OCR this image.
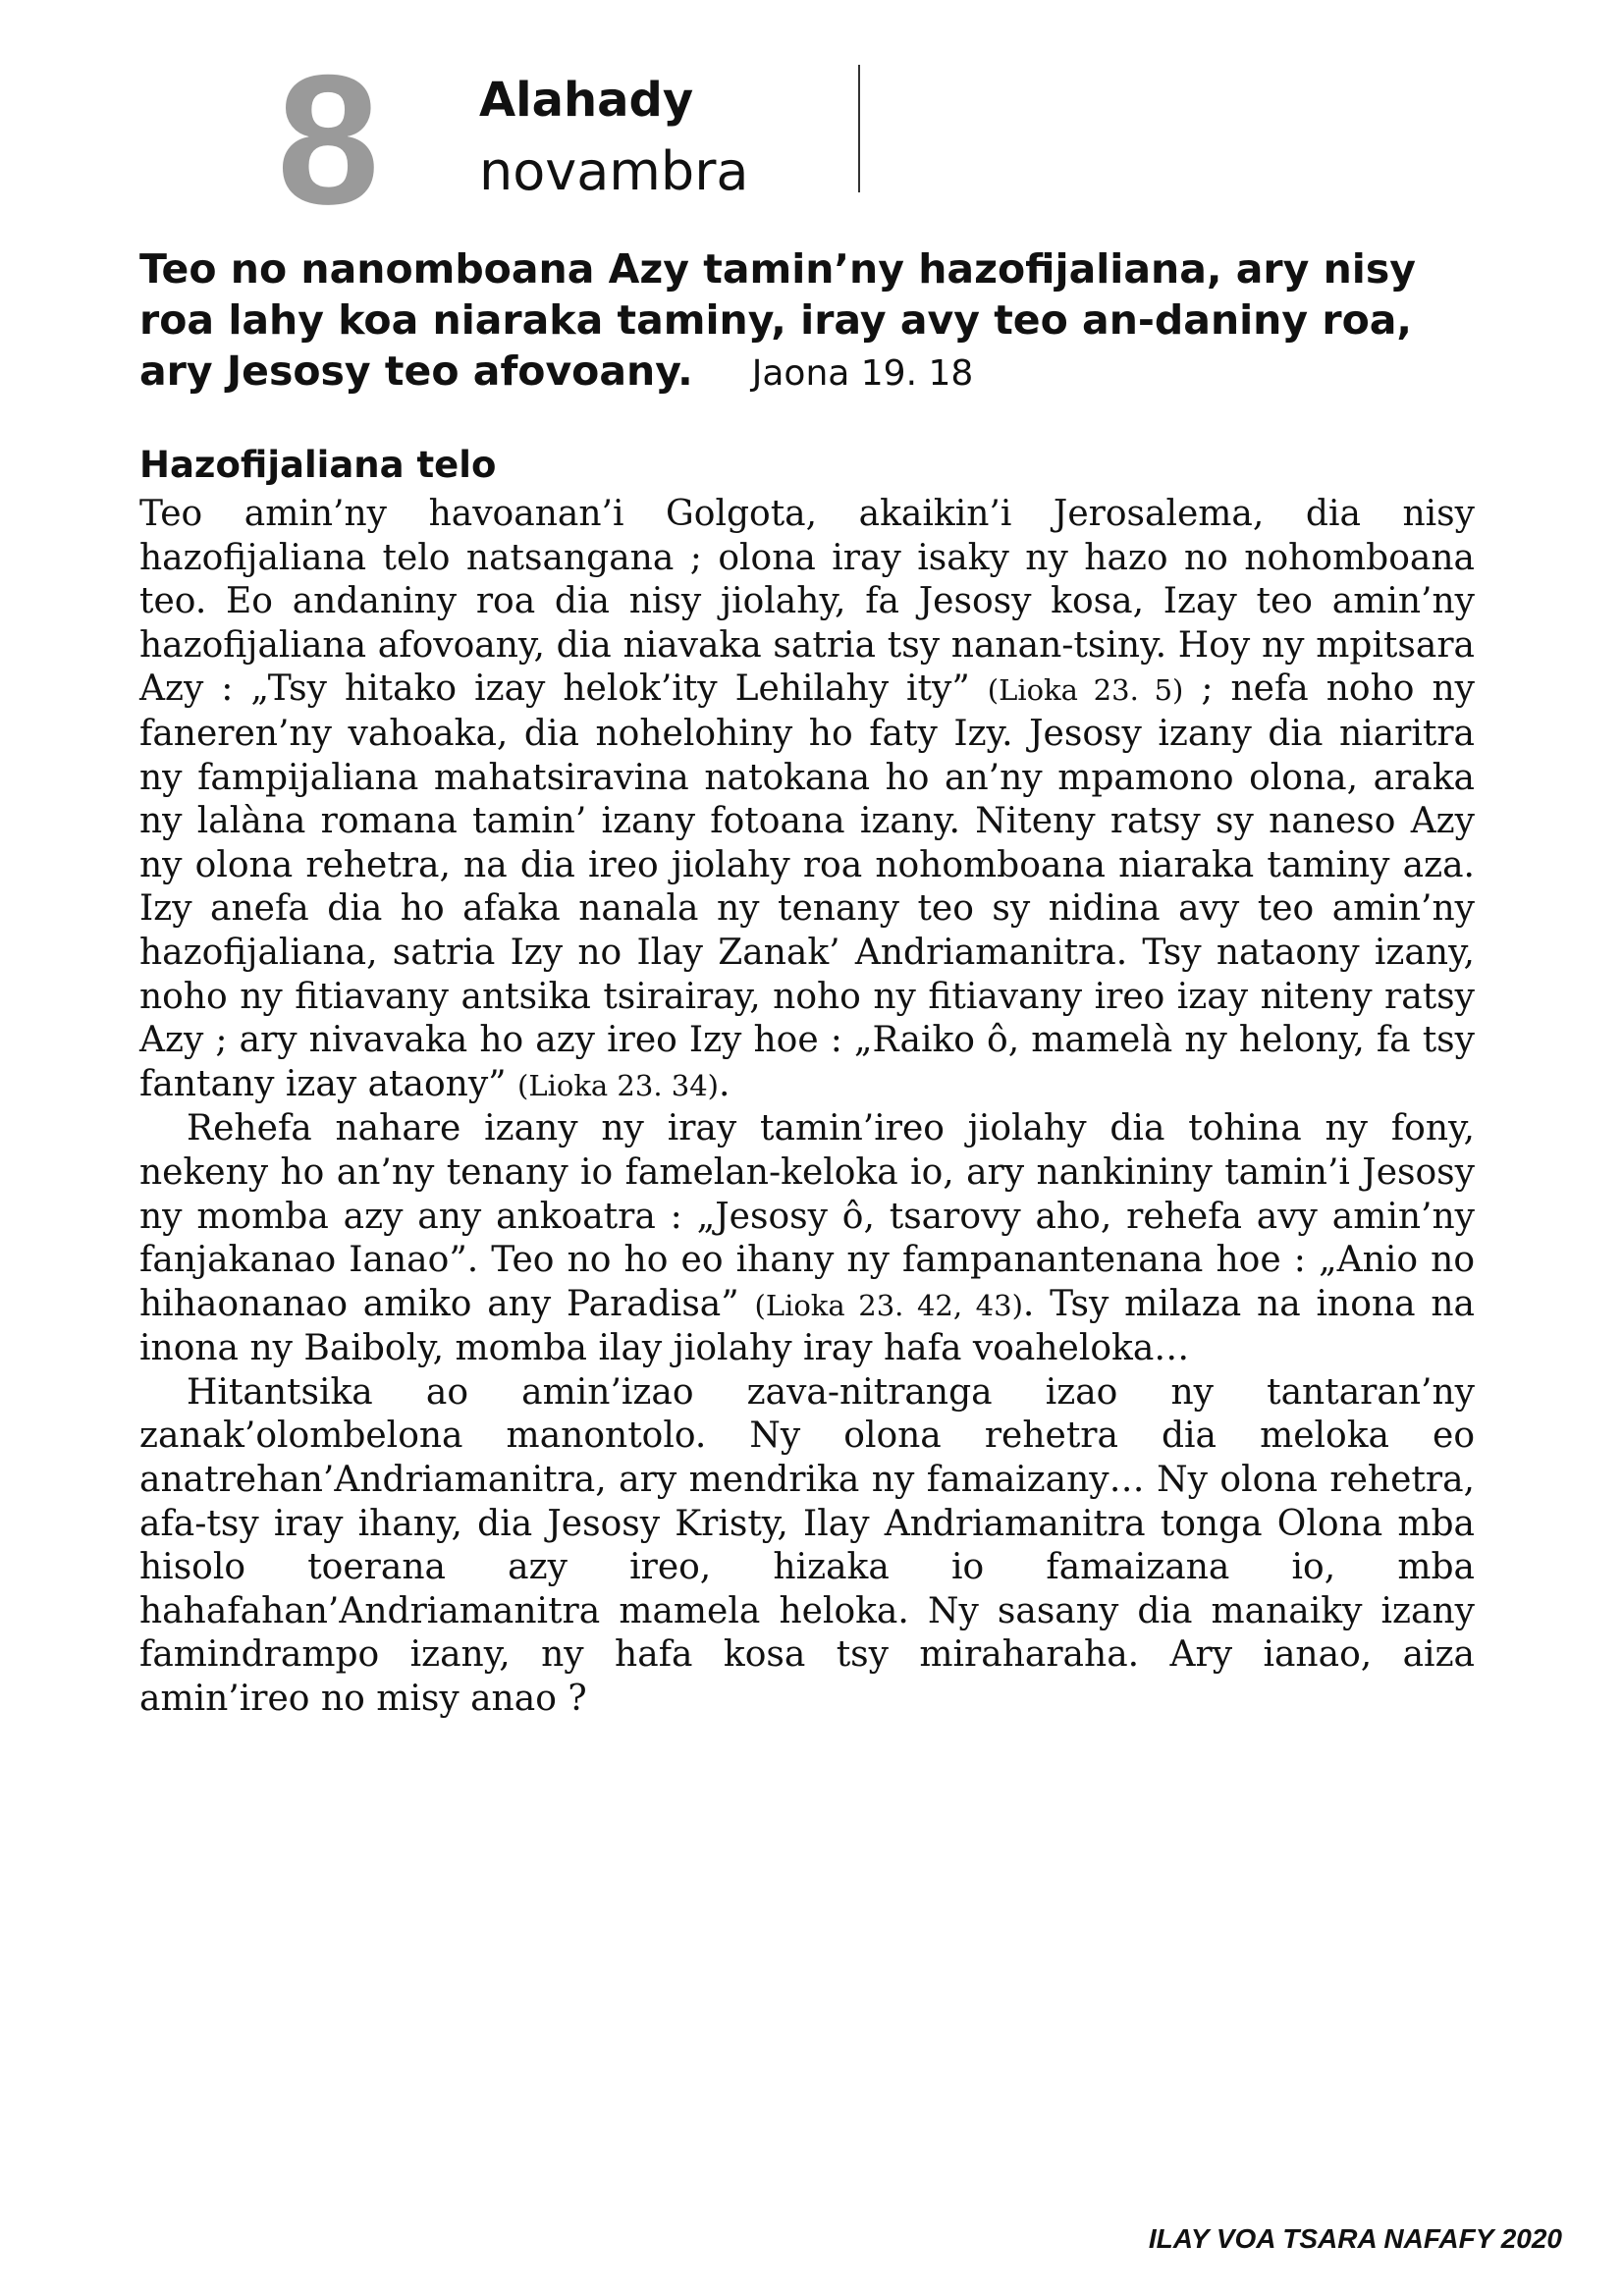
8 Alahady
novambra
Teo no nanomboana Azy tamin’ny hazofijaliana, ary nisy roa lahy koa niaraka taminy, iray avy teo an-daniny roa, ary Jesosy teo afovoany. Jaona 19. 18
Hazofijaliana telo

Teo amin’ny havoanan’i Golgota, akaikin’i Jerosalema, dia nisy hazofijaliana telo natsangana ; olona iray isaky ny hazo no nohomboana teo. Eo andaniny roa dia nisy jiolahy, fa Jesosy kosa, Izay teo amin’ny hazofijaliana afovoany, dia niavaka satria tsy nanan-tsiny. Hoy ny mpitsara Azy : „Tsy hitako izay helok’ity Lehilahy ity” (Lioka 23. 5) ; nefa noho ny faneren’ny vahoaka, dia nohelohiny ho faty Izy. Jesosy izany dia niaritra ny fampijaliana mahatsiravina natokana ho an’ny mpamono olona, araka ny lalàna romana tamin’ izany fotoana izany. Niteny ratsy sy naneso Azy ny olona rehetra, na dia ireo jiolahy roa nohomboana niaraka taminy aza. Izy anefa dia ho afaka nanala ny tenany teo sy nidina avy teo amin’ny hazofijaliana, satria Izy no Ilay Zanak’ Andriamanitra. Tsy nataony izany, noho ny fitiavany antsika tsirairay, noho ny fitiavany ireo izay niteny ratsy Azy ; ary nivavaka ho azy ireo Izy hoe : „Raiko ô, mamelà ny helony, fa tsy fantany izay ataony” (Lioka 23. 34).

Rehefa nahare izany ny iray tamin’ireo jiolahy dia tohina ny fony, nekeny ho an’ny tenany io famelan-keloka io, ary nankininy tamin’i Jesosy ny momba azy any ankoatra : „Jesosy ô, tsarovy aho, rehefa avy amin’ny fanjakanao Ianao”. Teo no ho eo ihany ny fampanantenana hoe : „Anio no hihaonanao amiko any Paradisa” (Lioka 23. 42, 43). Tsy milaza na inona na inona ny Baiboly, momba ilay jiolahy iray hafa voaheloka…

Hitantsika ao amin’izao zava-nitranga izao ny tantaran’ny zanak’olombelona manontolo. Ny olona rehetra dia meloka eo anatrehan’Andriamanitra, ary mendrika ny famaizany… Ny olona rehetra, afa-tsy iray ihany, dia Jesosy Kristy, Ilay Andriamanitra tonga Olona mba hisolo toerana azy ireo, hizaka io famaizana io, mba hahafahan’Andriamanitra mamela heloka. Ny sasany dia manaiky izany famindrampo izany, ny hafa kosa tsy miraharaha. Ary ianao, aiza amin’ireo no misy anao ?

ILAY VOA TSARA NAFAFY 2020
